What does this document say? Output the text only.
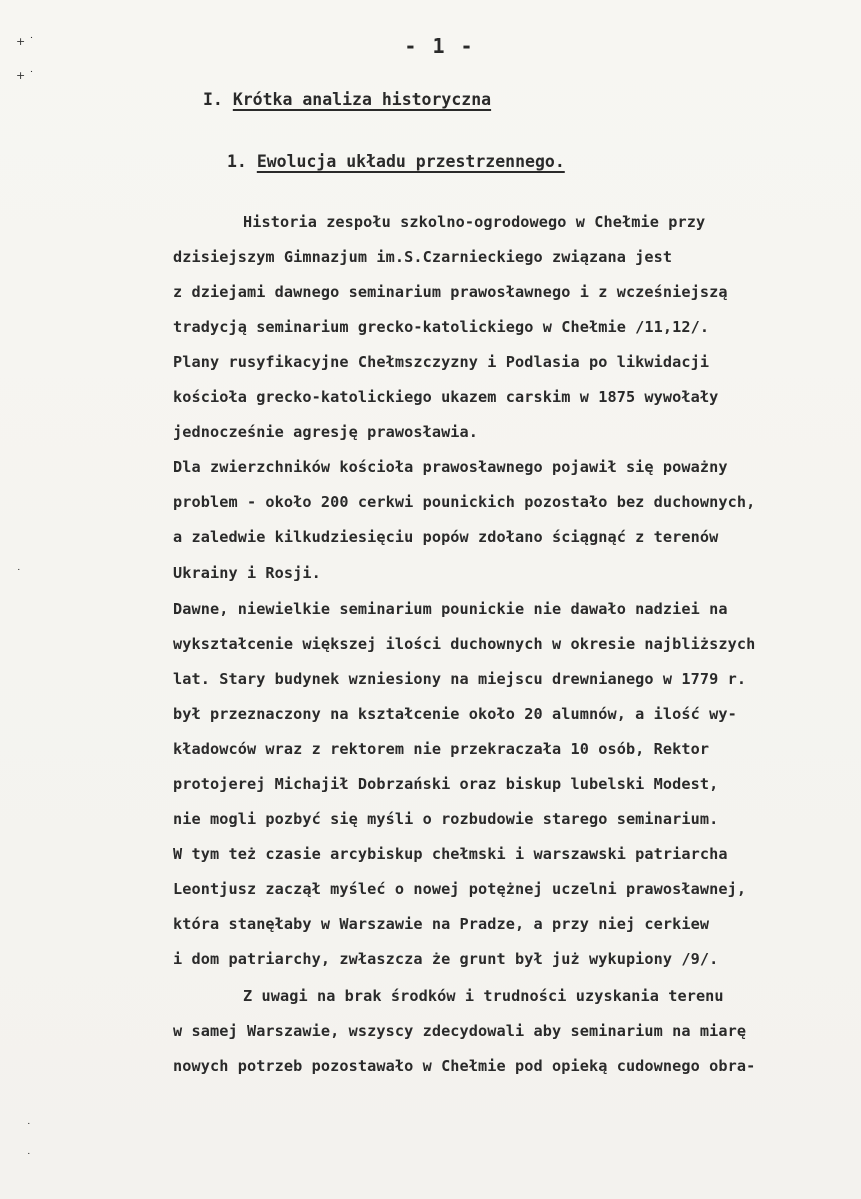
+ ˙
+ ˙
˙
˙
˙
- 1 -
I. Krótka analiza historyczna
1. Ewolucja układu przestrzennego.
Historia zespołu szkolno-ogrodowego w Chełmie przy
dzisiejszym Gimnazjum im.S.Czarnieckiego związana jest
z dziejami dawnego seminarium prawosławnego i z wcześniejszą
tradycją seminarium grecko-katolickiego w Chełmie /11,12/.
Plany rusyfikacyjne Chełmszczyzny i Podlasia po likwidacji
kościoła grecko-katolickiego ukazem carskim w 1875 wywołały
jednocześnie agresję prawosławia.
Dla zwierzchników kościoła prawosławnego pojawił się poważny
problem - około 200 cerkwi pounickich pozostało bez duchownych,
a zaledwie kilkudziesięciu popów zdołano ściągnąć z terenów
Ukrainy i Rosji.
Dawne, niewielkie seminarium pounickie nie dawało nadziei na
wykształcenie większej ilości duchownych w okresie najbliższych
lat. Stary budynek wzniesiony na miejscu drewnianego w 1779 r.
był przeznaczony na kształcenie około 20 alumnów, a ilość wy-
kładowców wraz z rektorem nie przekraczała 10 osób, Rektor
protojerej Michajił Dobrzański oraz biskup lubelski Modest,
nie mogli pozbyć się myśli o rozbudowie starego seminarium.
W tym też czasie arcybiskup chełmski i warszawski patriarcha
Leontjusz zaczął myśleć o nowej potężnej uczelni prawosławnej,
która stanęłaby w Warszawie na Pradze, a przy niej cerkiew
i dom patriarchy, zwłaszcza że grunt był już wykupiony /9/.
Z uwagi na brak środków i trudności uzyskania terenu
w samej Warszawie, wszyscy zdecydowali aby seminarium na miarę
nowych potrzeb pozostawało w Chełmie pod opieką cudownego obra-
